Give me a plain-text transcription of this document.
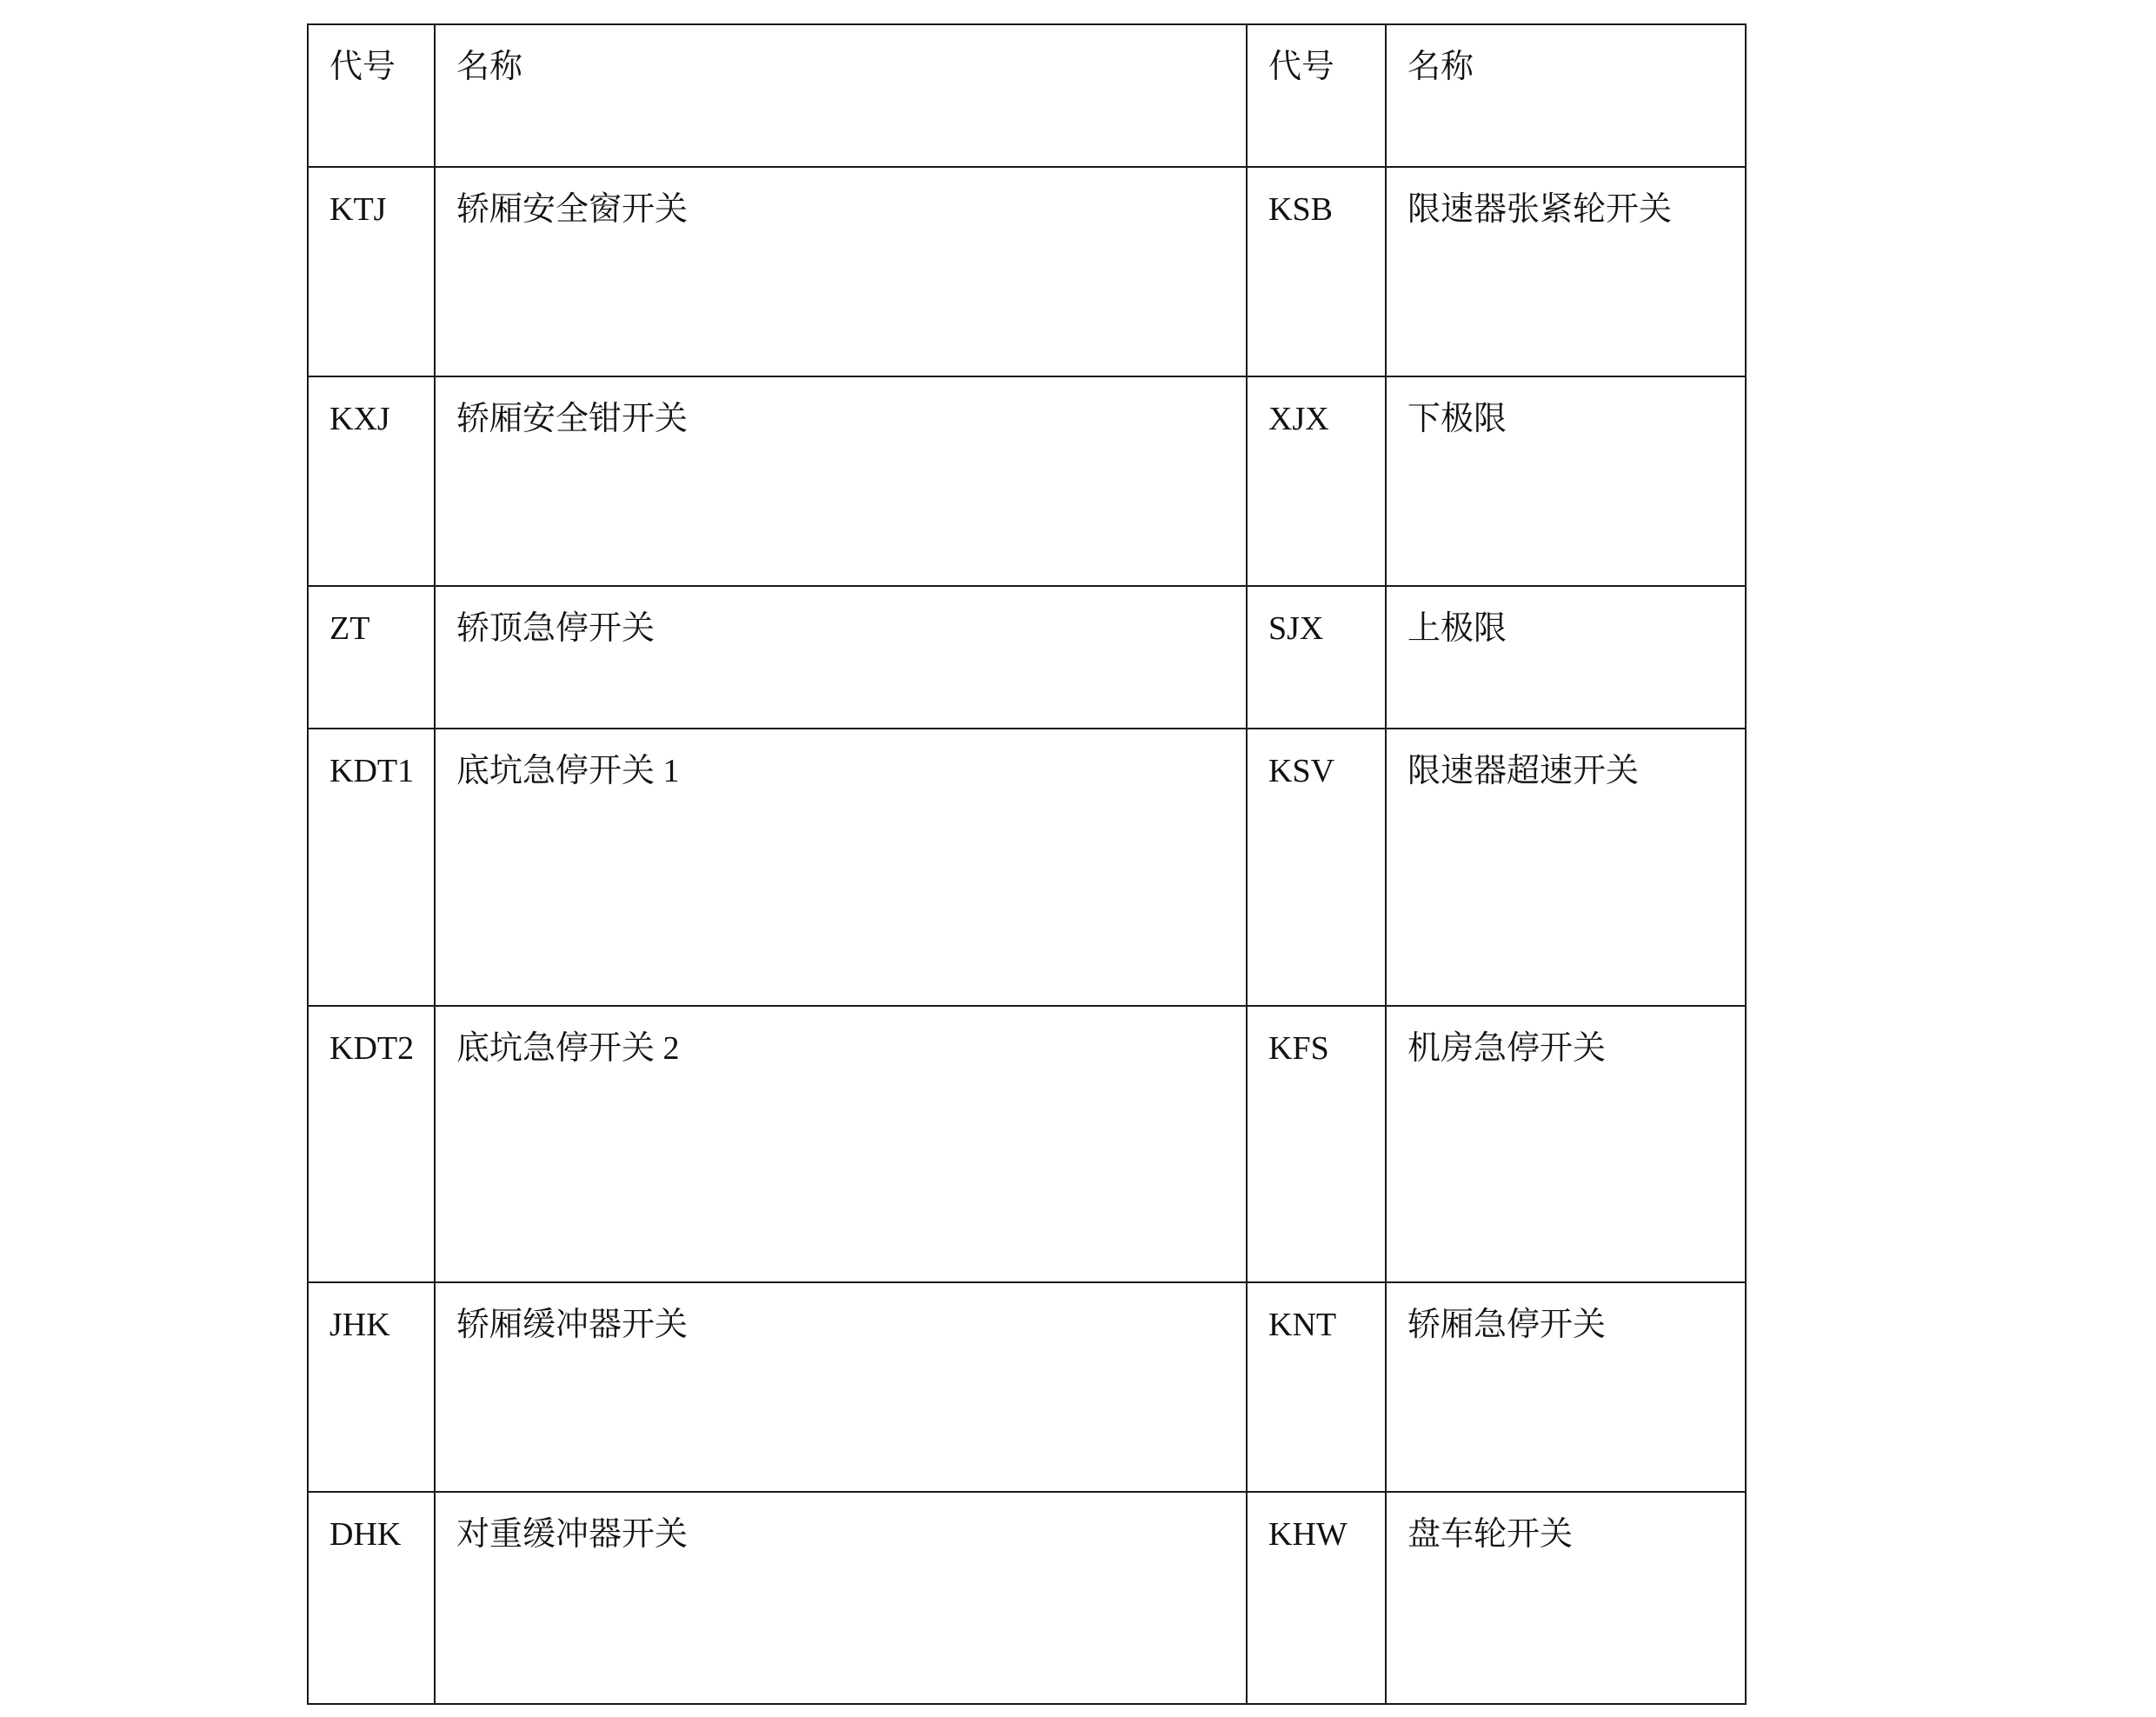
代号	名称	代号	名称
KTJ	轿厢安全窗开关	KSB	限速器张紧轮开关
KXJ	轿厢安全钳开关	XJX	下极限
ZT	轿顶急停开关	SJX	上极限
KDT1	底坑急停开关 1	KSV	限速器超速开关
KDT2	底坑急停开关 2	KFS	机房急停开关
JHK	轿厢缓冲器开关	KNT	轿厢急停开关
DHK	对重缓冲器开关	KHW	盘车轮开关
